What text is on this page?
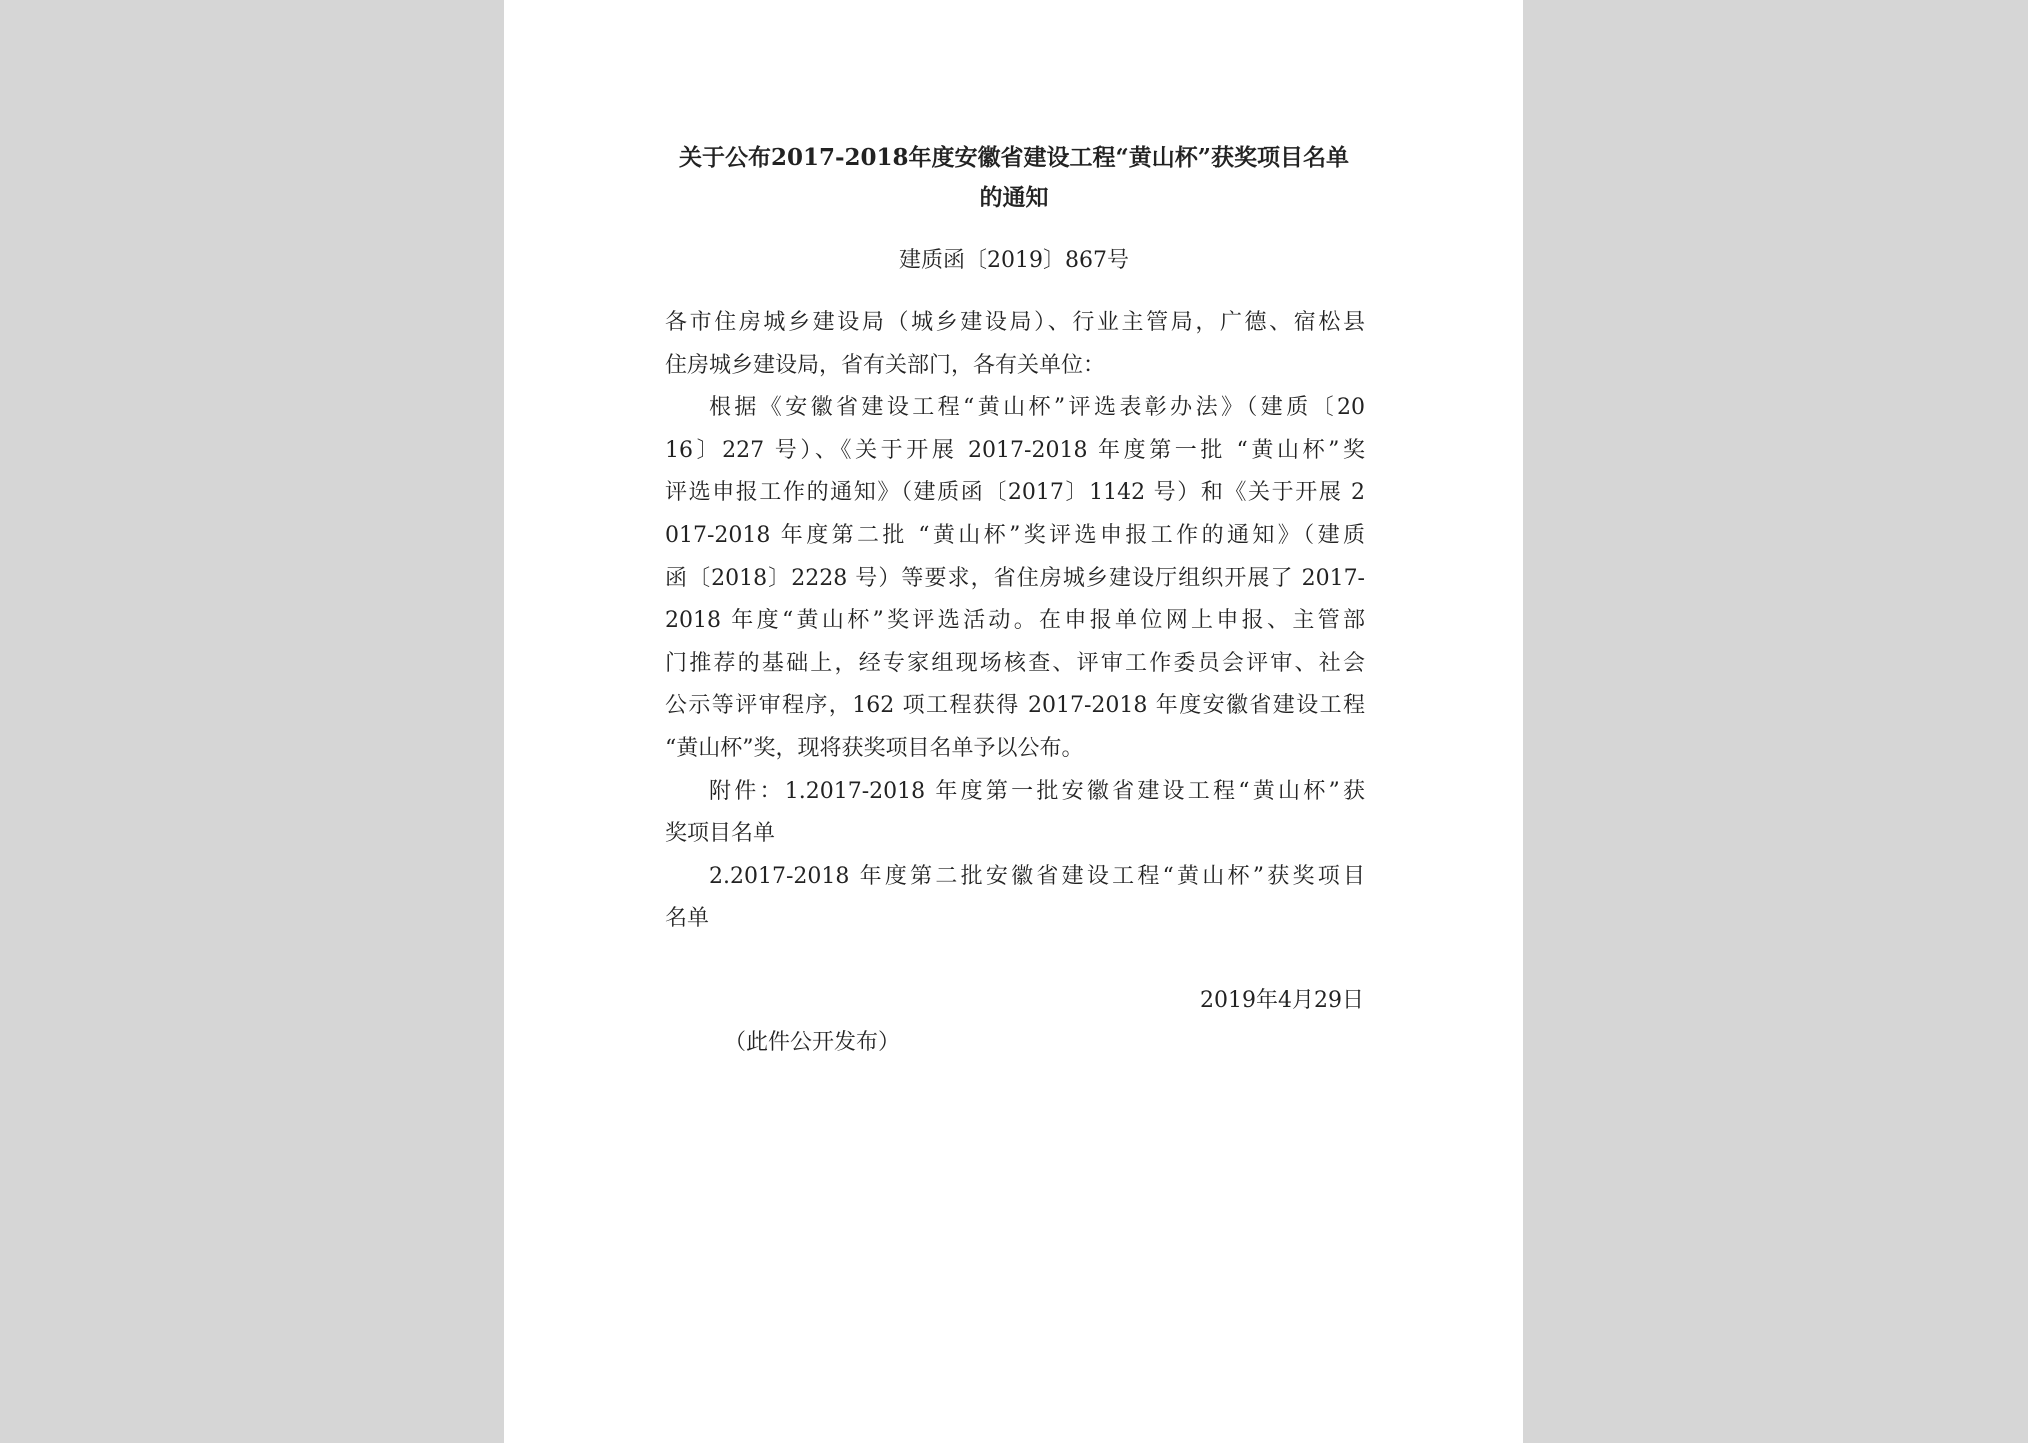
关于公布2017-2018年度安徽省建设工程“黄山杯”获奖项目名单
的通知
建质函〔2019〕867号
各市住房城乡建设局（城乡建设局）、行业主管局，广德、宿松县
住房城乡建设局，省有关部门，各有关单位：
根据《安徽省建设工程“黄山杯”评选表彰办法》（建质〔20
16〕227 号）、《关于开展 2017-2018 年度第一批 “黄山杯”奖
评选申报工作的通知》（建质函〔2017〕1142 号）和《关于开展 2
017-2018 年度第二批 “黄山杯”奖评选申报工作的通知》（建质
函〔2018〕2228 号）等要求，省住房城乡建设厅组织开展了 2017-
2018 年度“黄山杯”奖评选活动。在申报单位网上申报、主管部
门推荐的基础上，经专家组现场核查、评审工作委员会评审、社会
公示等评审程序，162 项工程获得 2017-2018 年度安徽省建设工程
“黄山杯”奖，现将获奖项目名单予以公布。
附件：1.2017-2018 年度第一批安徽省建设工程“黄山杯”获
奖项目名单
2.2017-2018 年度第二批安徽省建设工程“黄山杯”获奖项目
名单
2019年4月29日
（此件公开发布）
